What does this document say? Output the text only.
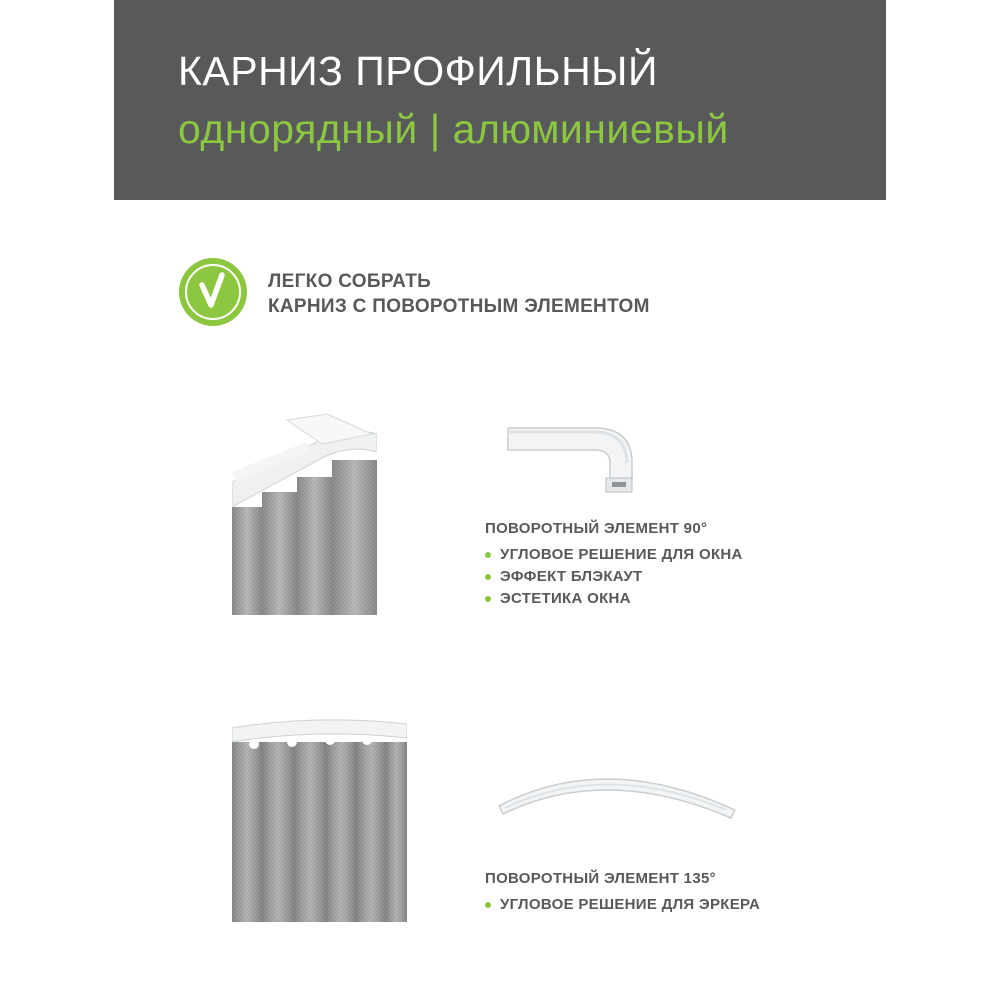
КАРНИЗ ПРОФИЛЬНЫЙ
однорядный | алюминиевый
ЛЕГКО СОБРАТЬ
КАРНИЗ С ПОВОРОТНЫМ ЭЛЕМЕНТОМ
ПОВОРОТНЫЙ ЭЛЕМЕНТ 90°
УГЛОВОЕ РЕШЕНИЕ ДЛЯ ОКНА
ЭФФЕКТ БЛЭКАУТ
ЭСТЕТИКА ОКНА
ПОВОРОТНЫЙ ЭЛЕМЕНТ 135°
УГЛОВОЕ РЕШЕНИЕ ДЛЯ ЭРКЕРА
